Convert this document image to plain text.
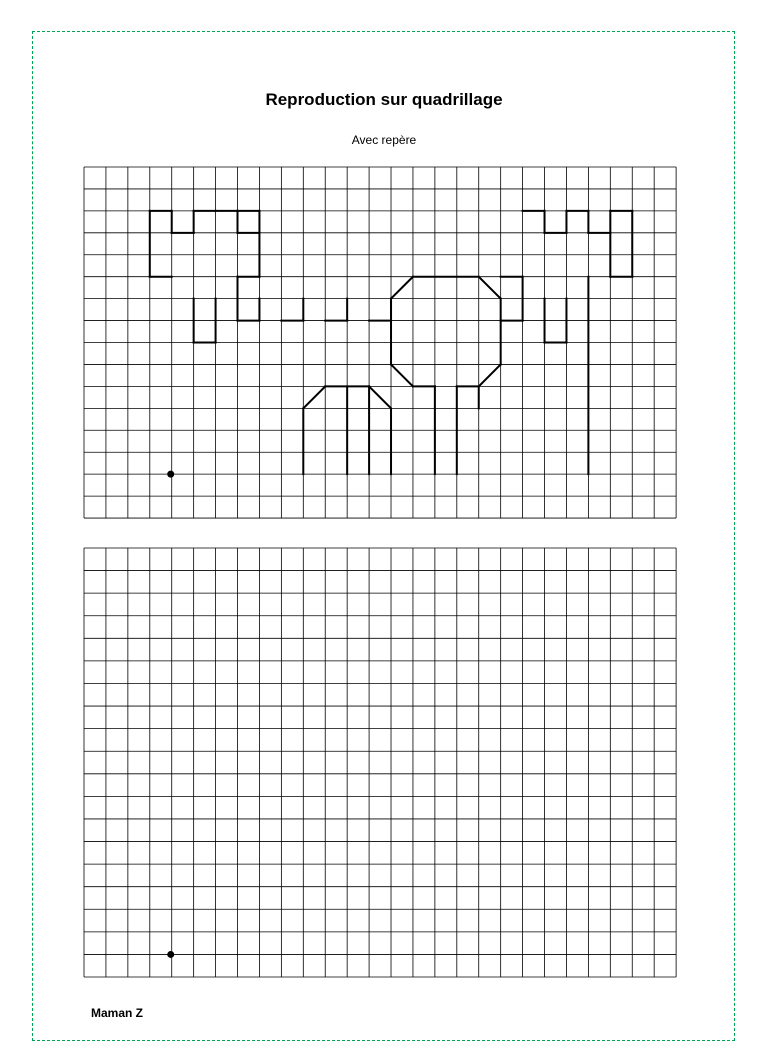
Reproduction sur quadrillage
Avec repère
Maman Z
